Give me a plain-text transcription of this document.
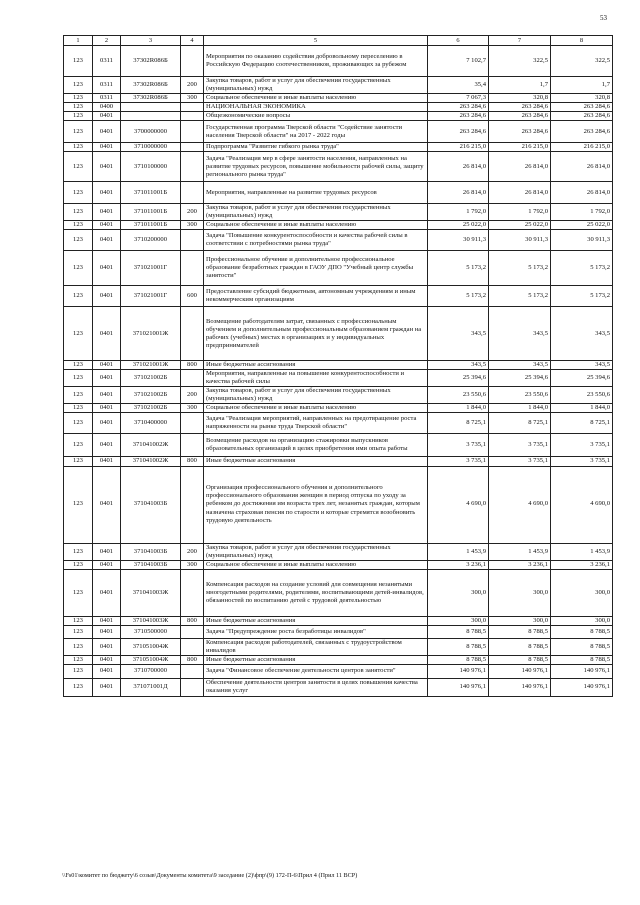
53
1	2	3	4	5	6	7	8
123	0311	37302R086Б		Мероприятия по оказанию содействия добровольному переселению в Российскую Федерацию соотечественников, проживающих за рубежом	7 102,7	322,5	322,5
123	0311	37302R086Б	200	Закупка товаров, работ и услуг для обеспечения государственных (муниципальных) нужд	35,4	1,7	1,7
123	0311	37302R086Б	300	Социальное обеспечение и иные выплаты населению	7 067,3	320,8	320,8
123	0400			НАЦИОНАЛЬНАЯ ЭКОНОМИКА	263 284,6	263 284,6	263 284,6
123	0401			Общеэкономические вопросы	263 284,6	263 284,6	263 284,6
123	0401	3700000000		Государственная программа Тверской области "Содействие занятости населения Тверской области" на 2017 - 2022 годы	263 284,6	263 284,6	263 284,6
123	0401	3710000000		Подпрограмма "Развитие гибкого рынка труда"	216 215,0	216 215,0	216 215,0
123	0401	3710100000		Задача "Реализация мер в сфере занятости населения, направленных на развитие трудовых ресурсов, повышение мобильности рабочей силы, защиту регионального рынка труда"	26 814,0	26 814,0	26 814,0
123	0401	371011001Б		Мероприятия, направленные на развитие трудовых ресурсов	26 814,0	26 814,0	26 814,0
123	0401	371011001Б	200	Закупка товаров, работ и услуг для обеспечения государственных (муниципальных) нужд	1 792,0	1 792,0	1 792,0
123	0401	371011001Б	300	Социальное обеспечение и иные выплаты населению	25 022,0	25 022,0	25 022,0
123	0401	3710200000		Задача "Повышение конкурентоспособности и качества рабочей силы в соответствии с потребностями рынка труда"	30 911,3	30 911,3	30 911,3
123	0401	371021001Г		Профессиональное обучение и дополнительное профессиональное образование безработных граждан в ГАОУ ДПО "Учебный центр службы занятости"	5 173,2	5 173,2	5 173,2
123	0401	371021001Г	600	Предоставление субсидий бюджетным, автономным учреждениям и иным некоммерческим организациям	5 173,2	5 173,2	5 173,2
123	0401	371021001Ж		Возмещение работодателям затрат, связанных с профессиональным обучением и дополнительным профессиональным образованием граждан на рабочих (учебных) местах в организациях и у индивидуальных предпринимателей	343,5	343,5	343,5
123	0401	371021001Ж	800	Иные бюджетные ассигнования	343,5	343,5	343,5
123	0401	371021002Б		Мероприятия, направленные на повышение конкурентоспособности и качества рабочей силы	25 394,6	25 394,6	25 394,6
123	0401	371021002Б	200	Закупка товаров, работ и услуг для обеспечения государственных (муниципальных) нужд	23 550,6	23 550,6	23 550,6
123	0401	371021002Б	300	Социальное обеспечение и иные выплаты населению	1 844,0	1 844,0	1 844,0
123	0401	3710400000		Задача "Реализация мероприятий, направленных на предотвращение роста напряженности на рынке труда Тверской области"	8 725,1	8 725,1	8 725,1
123	0401	371041002Ж		Возмещение расходов на организацию стажировки выпускников образовательных организаций в целях приобретения ими опыта работы	3 735,1	3 735,1	3 735,1
123	0401	371041002Ж	800	Иные бюджетные ассигнования	3 735,1	3 735,1	3 735,1
123	0401	371041003Б		Организация профессионального обучения и дополнительного профессионального образования женщин в период отпуска по уходу за ребенком до достижения им возраста трех лет, незанятых граждан, которым назначена страховая пенсия по старости и которые стремятся возобновить трудовую деятельность	4 690,0	4 690,0	4 690,0
123	0401	371041003Б	200	Закупка товаров, работ и услуг для обеспечения государственных (муниципальных) нужд	1 453,9	1 453,9	1 453,9
123	0401	371041003Б	300	Социальное обеспечение и иные выплаты населению	3 236,1	3 236,1	3 236,1
123	0401	371041003Ж		Компенсация расходов на создание условий для совмещения незанятыми многодетными родителями, родителями, воспитывающими детей-инвалидов, обязанностей по воспитанию детей с трудовой деятельностью	300,0	300,0	300,0
123	0401	371041003Ж	800	Иные бюджетные ассигнования	300,0	300,0	300,0
123	0401	3710500000		Задача "Предупреждение роста безработицы инвалидов"	8 788,5	8 788,5	8 788,5
123	0401	371051004Ж		Компенсация расходов работодателей, связанных с трудоустройством инвалидов	8 788,5	8 788,5	8 788,5
123	0401	371051004Ж	800	Иные бюджетные ассигнования	8 788,5	8 788,5	8 788,5
123	0401	3710700000		Задача "Финансовое обеспечение деятельности центров занятости"	140 976,1	140 976,1	140 976,1
123	0401	371071001Д		Обеспечение деятельности центров занятости в целях повышения качества оказания услуг	140 976,1	140 976,1	140 976,1
\\Fs01\комитет по бюджету\6 созыв\Документы комитета\9 заседание (2)\фпр\(9) 172-П-6\Прил 4 (Прил 11 ВСР)
